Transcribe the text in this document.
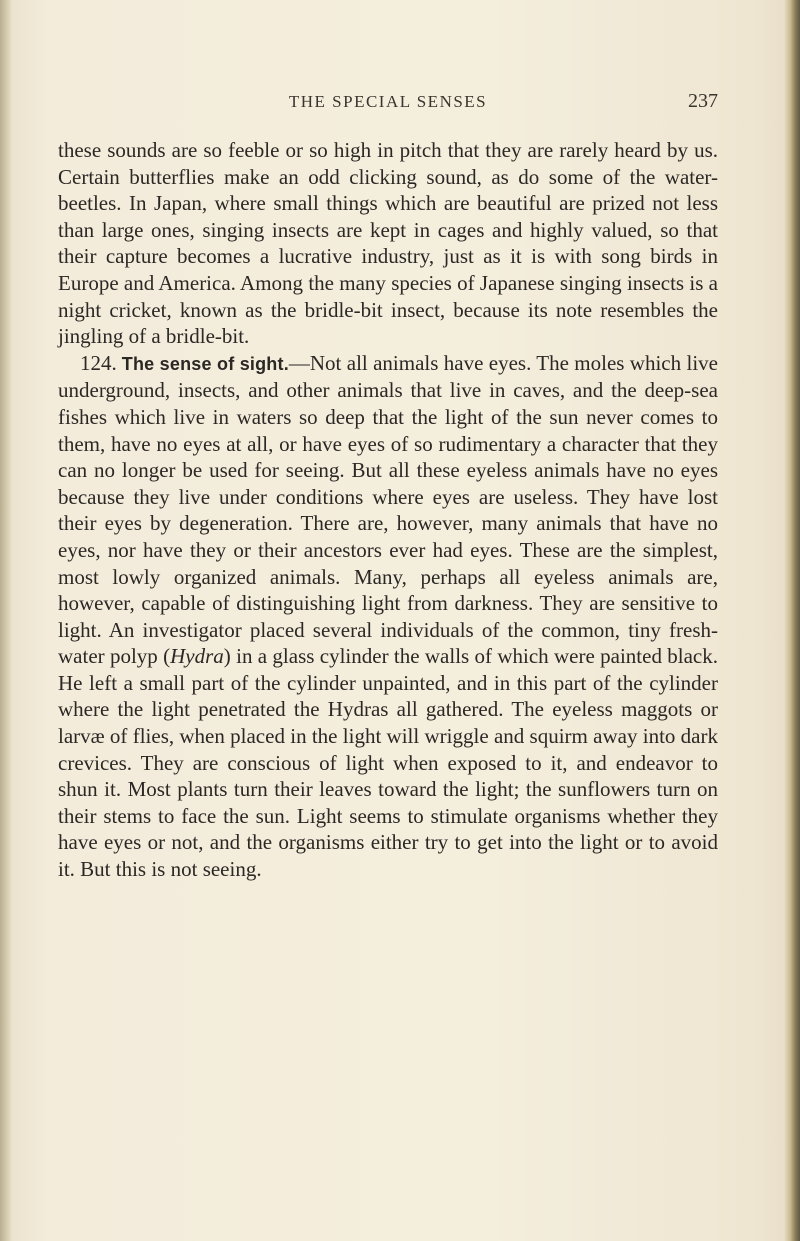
THE SPECIAL SENSES	237

these sounds are so feeble or so high in pitch that they are rarely heard by us. Certain butterflies make an odd clicking sound, as do some of the water-beetles. In Japan, where small things which are beautiful are prized not less than large ones, singing insects are kept in cages and highly valued, so that their capture becomes a lucrative industry, just as it is with song birds in Europe and America. Among the many species of Japanese singing insects is a night cricket, known as the bridle-bit insect, because its note resembles the jingling of a bridle-bit.

124. The sense of sight.—Not all animals have eyes. The moles which live underground, insects, and other animals that live in caves, and the deep-sea fishes which live in waters so deep that the light of the sun never comes to them, have no eyes at all, or have eyes of so rudimentary a character that they can no longer be used for seeing. But all these eyeless animals have no eyes because they live under conditions where eyes are useless. They have lost their eyes by degeneration. There are, however, many animals that have no eyes, nor have they or their ancestors ever had eyes. These are the simplest, most lowly organized animals. Many, perhaps all eyeless animals are, however, capable of distinguishing light from darkness. They are sensitive to light. An investigator placed several individuals of the common, tiny fresh-water polyp (Hydra) in a glass cylinder the walls of which were painted black. He left a small part of the cylinder unpainted, and in this part of the cylinder where the light penetrated the Hydras all gathered. The eyeless maggots or larvæ of flies, when placed in the light will wriggle and squirm away into dark crevices. They are conscious of light when exposed to it, and endeavor to shun it. Most plants turn their leaves toward the light; the sunflowers turn on their stems to face the sun. Light seems to stimulate organisms whether they have eyes or not, and the organisms either try to get into the light or to avoid it. But this is not seeing.
